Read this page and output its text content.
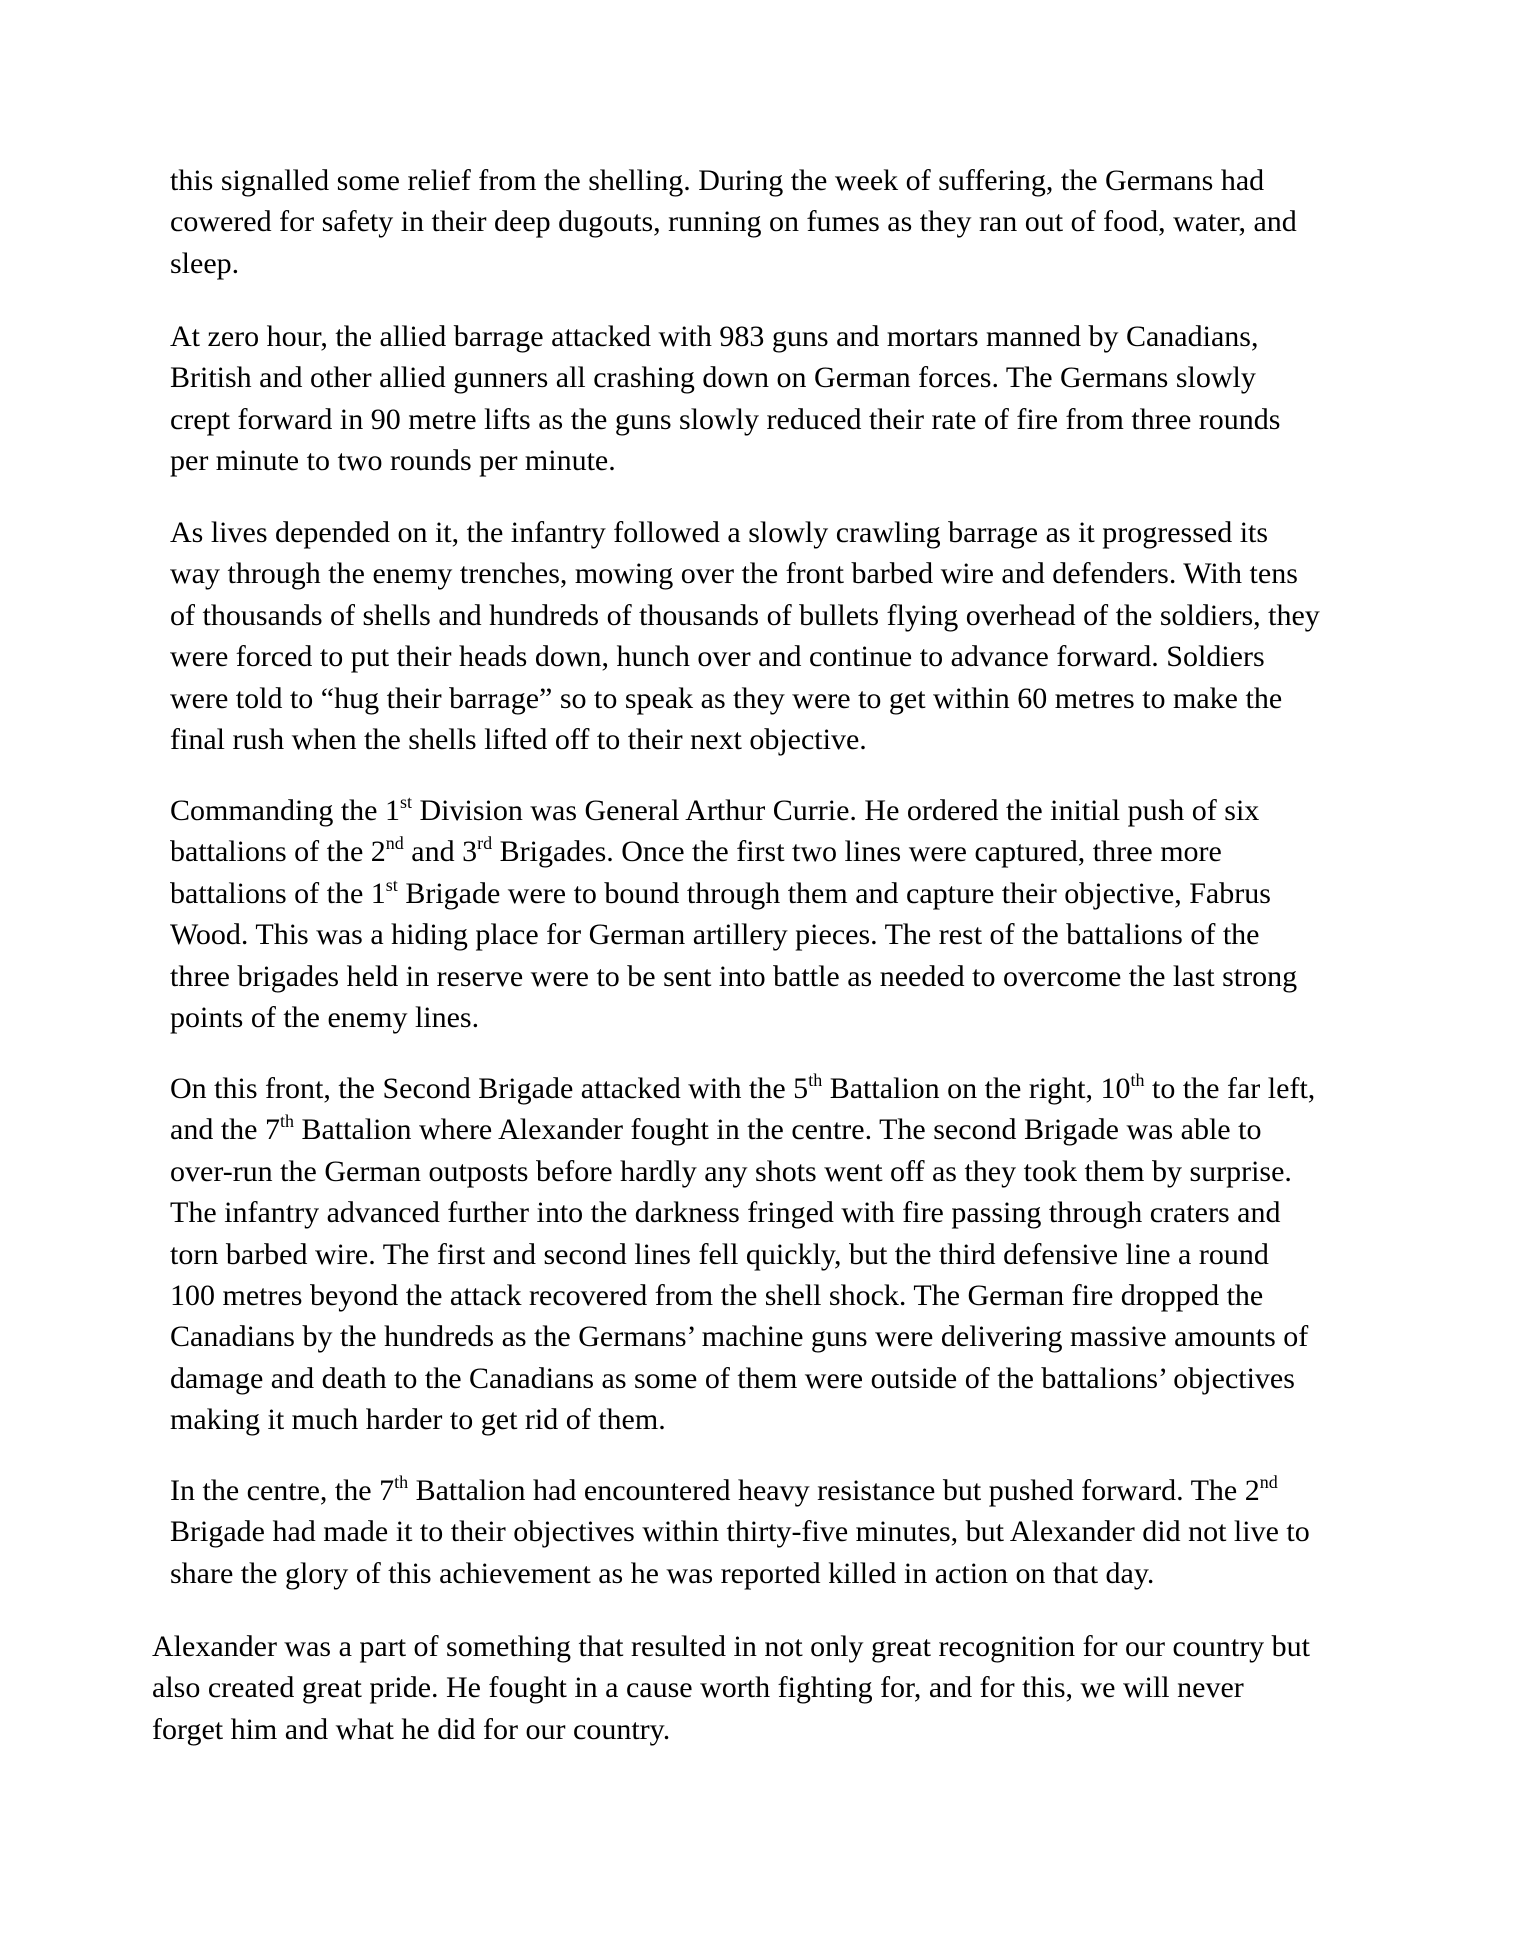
this signalled some relief from the shelling. During the week of suffering, the Germans had
cowered for safety in their deep dugouts, running on fumes as they ran out of food, water, and
sleep.

At zero hour, the allied barrage attacked with 983 guns and mortars manned by Canadians,
British and other allied gunners all crashing down on German forces. The Germans slowly
crept forward in 90 metre lifts as the guns slowly reduced their rate of fire from three rounds
per minute to two rounds per minute.

As lives depended on it, the infantry followed a slowly crawling barrage as it progressed its
way through the enemy trenches, mowing over the front barbed wire and defenders. With tens
of thousands of shells and hundreds of thousands of bullets flying overhead of the soldiers, they
were forced to put their heads down, hunch over and continue to advance forward. Soldiers
were told to “hug their barrage” so to speak as they were to get within 60 metres to make the
final rush when the shells lifted off to their next objective.

Commanding the 1st Division was General Arthur Currie. He ordered the initial push of six
battalions of the 2nd and 3rd Brigades. Once the first two lines were captured, three more
battalions of the 1st Brigade were to bound through them and capture their objective, Fabrus
Wood. This was a hiding place for German artillery pieces. The rest of the battalions of the
three brigades held in reserve were to be sent into battle as needed to overcome the last strong
points of the enemy lines.

On this front, the Second Brigade attacked with the 5th Battalion on the right, 10th to the far left,
and the 7th Battalion where Alexander fought in the centre. The second Brigade was able to
over-run the German outposts before hardly any shots went off as they took them by surprise.
The infantry advanced further into the darkness fringed with fire passing through craters and
torn barbed wire. The first and second lines fell quickly, but the third defensive line a round
100 metres beyond the attack recovered from the shell shock. The German fire dropped the
Canadians by the hundreds as the Germans’ machine guns were delivering massive amounts of
damage and death to the Canadians as some of them were outside of the battalions’ objectives
making it much harder to get rid of them.

In the centre, the 7th Battalion had encountered heavy resistance but pushed forward. The 2nd
Brigade had made it to their objectives within thirty-five minutes, but Alexander did not live to
share the glory of this achievement as he was reported killed in action on that day.

Alexander was a part of something that resulted in not only great recognition for our country but
also created great pride. He fought in a cause worth fighting for, and for this, we will never
forget him and what he did for our country.
